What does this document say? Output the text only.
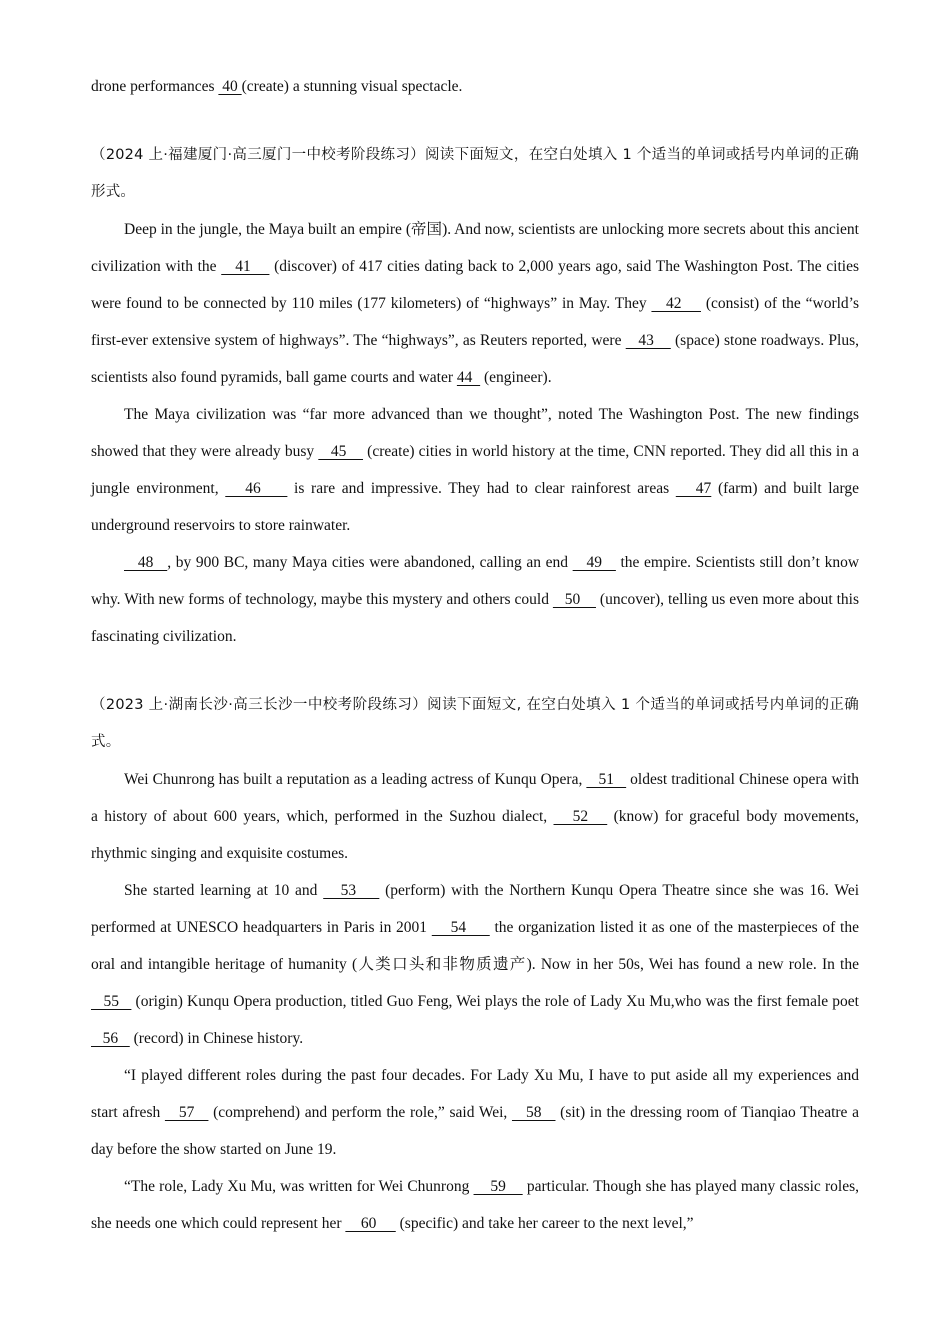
drone performances  40 (create) a stunning visual spectacle.

（2024 上·福建厦门·高三厦门一中校考阶段练习）阅读下面短文，在空白处填入 1 个适当的单词或括号内单词的正确形式。

Deep in the jungle, the Maya built an empire (帝国). And now, scientists are unlocking more secrets about this ancient civilization with the    41     (discover) of 417 cities dating back to 2,000 years ago, said The Washington Post. The cities were found to be connected by 110 miles (177 kilometers) of “highways” in May. They    42     (consist) of the “world’s first-ever extensive system of highways”. The “highways”, as Reuters reported, were    43     (space) stone roadways. Plus, scientists also found pyramids, ball game courts and water 44   (engineer).

The Maya civilization was “far more advanced than we thought”, noted The Washington Post. The new findings showed that they were already busy    45     (create) cities in world history at the time, CNN reported. They did all this in a jungle environment,    46     is rare and impressive. They had to clear rainforest areas    47 (farm) and built large underground reservoirs to store rainwater.

48   , by 900 BC, many Maya cities were abandoned, calling an end    49    the empire. Scientists still don’t know why. With new forms of technology, maybe this mystery and others could    50     (uncover), telling us even more about this fascinating civilization.

（2023 上·湖南长沙·高三长沙一中校考阶段练习）阅读下面短文, 在空白处填入 1 个适当的单词或括号内单词的正确式。

Wei Chunrong has built a reputation as a leading actress of Kunqu Opera,    51    oldest traditional Chinese opera with a history of about 600 years, which, performed in the Suzhou dialect,    52    (know) for graceful body movements, rhythmic singing and exquisite costumes.

She started learning at 10 and    53     (perform) with the Northern Kunqu Opera Theatre since she was 16. Wei performed at UNESCO headquarters in Paris in 2001     54      the organization listed it as one of the masterpieces of the oral and intangible heritage of humanity (人类口头和非物质遗产). Now in her 50s, Wei has found a new role. In the    55    (origin) Kunqu Opera production, titled Guo Feng, Wei plays the role of Lady Xu Mu,who was the first female poet    56    (record) in Chinese history.

“I played different roles during the past four decades. For Lady Xu Mu, I have to put aside all my experiences and start afresh    57    (comprehend) and perform the role,” said Wei,    58    (sit) in the dressing room of Tianqiao Theatre a day before the show started on June 19.

“The role, Lady Xu Mu, was written for Wei Chunrong     59     particular. Though she has played many classic roles, she needs one which could represent her     60      (specific) and take her career to the next level,”
